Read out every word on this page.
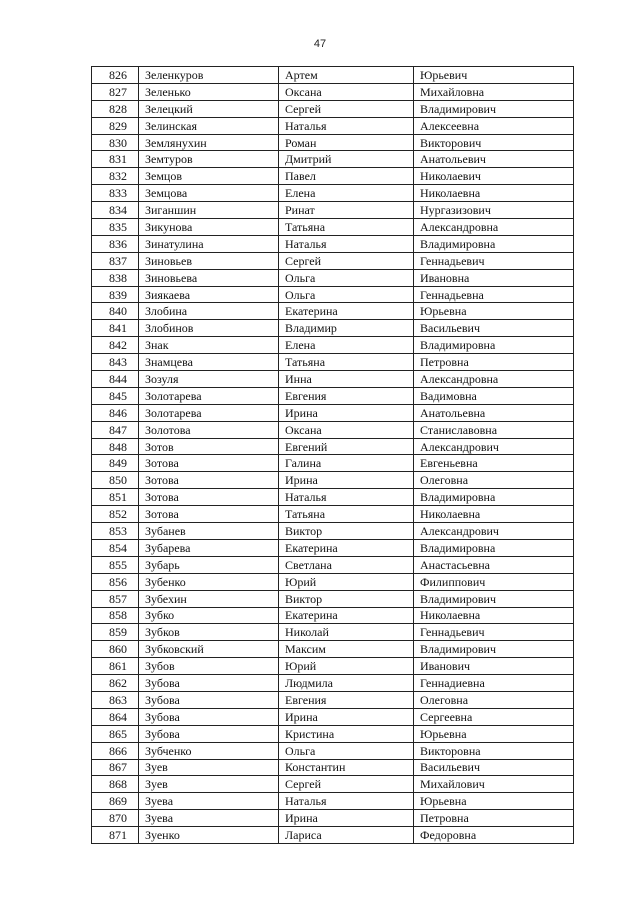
47
826	Зеленкуров	Артем	Юрьевич
827	Зеленько	Оксана	Михайловна
828	Зелецкий	Сергей	Владимирович
829	Зелинская	Наталья	Алексеевна
830	Землянухин	Роман	Викторович
831	Земтуров	Дмитрий	Анатольевич
832	Земцов	Павел	Николаевич
833	Земцова	Елена	Николаевна
834	Зиганшин	Ринат	Нургазизович
835	Зикунова	Татьяна	Александровна
836	Зинатулина	Наталья	Владимировна
837	Зиновьев	Сергей	Геннадьевич
838	Зиновьева	Ольга	Ивановна
839	Зиякаева	Ольга	Геннадьевна
840	Злобина	Екатерина	Юрьевна
841	Злобинов	Владимир	Васильевич
842	Знак	Елена	Владимировна
843	Знамцева	Татьяна	Петровна
844	Зозуля	Инна	Александровна
845	Золотарева	Евгения	Вадимовна
846	Золотарева	Ирина	Анатольевна
847	Золотова	Оксана	Станиславовна
848	Зотов	Евгений	Александрович
849	Зотова	Галина	Евгеньевна
850	Зотова	Ирина	Олеговна
851	Зотова	Наталья	Владимировна
852	Зотова	Татьяна	Николаевна
853	Зубанев	Виктор	Александрович
854	Зубарева	Екатерина	Владимировна
855	Зубарь	Светлана	Анастасьевна
856	Зубенко	Юрий	Филиппович
857	Зубехин	Виктор	Владимирович
858	Зубко	Екатерина	Николаевна
859	Зубков	Николай	Геннадьевич
860	Зубковский	Максим	Владимирович
861	Зубов	Юрий	Иванович
862	Зубова	Людмила	Геннадиевна
863	Зубова	Евгения	Олеговна
864	Зубова	Ирина	Сергеевна
865	Зубова	Кристина	Юрьевна
866	Зубченко	Ольга	Викторовна
867	Зуев	Константин	Васильевич
868	Зуев	Сергей	Михайлович
869	Зуева	Наталья	Юрьевна
870	Зуева	Ирина	Петровна
871	Зуенко	Лариса	Федоровна
